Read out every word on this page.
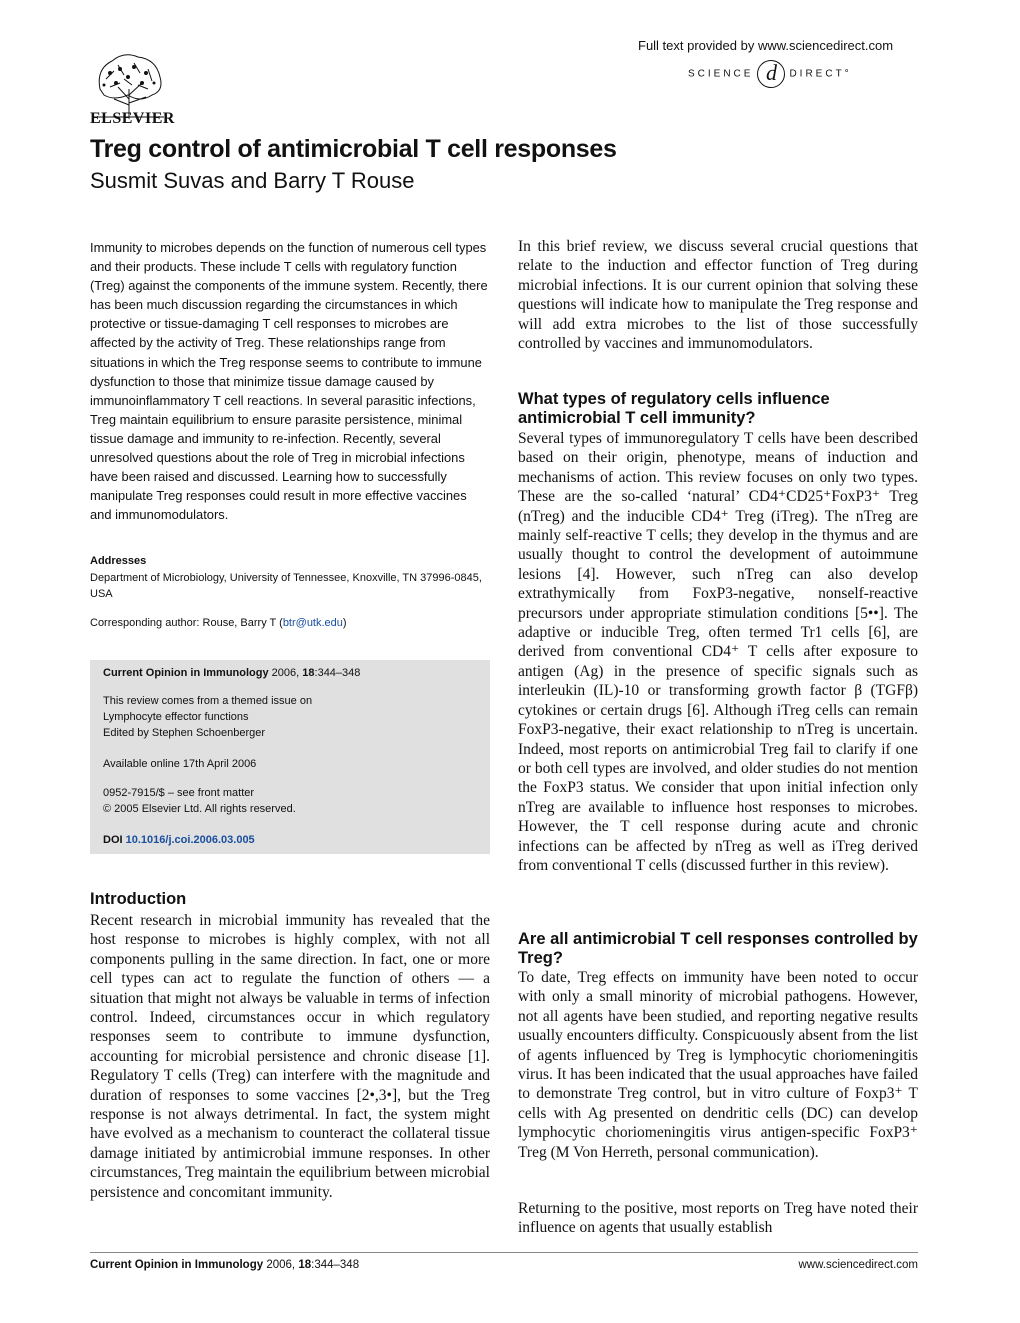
ELSEVIER
Full text provided by www.sciencedirect.com
SCIENCE d DIRECT°
Treg control of antimicrobial T cell responses
Susmit Suvas and Barry T Rouse
Immunity to microbes depends on the function of numerous cell types and their products. These include T cells with regulatory function (Treg) against the components of the immune system. Recently, there has been much discussion regarding the circumstances in which protective or tissue-damaging T cell responses to microbes are affected by the activity of Treg. These relationships range from situations in which the Treg response seems to contribute to immune dysfunction to those that minimize tissue damage caused by immunoinflammatory T cell reactions. In several parasitic infections, Treg maintain equilibrium to ensure parasite persistence, minimal tissue damage and immunity to re-infection. Recently, several unresolved questions about the role of Treg in microbial infections have been raised and discussed. Learning how to successfully manipulate Treg responses could result in more effective vaccines and immunomodulators.
Addresses
Department of Microbiology, University of Tennessee, Knoxville, TN 37996-0845, USA
Corresponding author: Rouse, Barry T (btr@utk.edu)
Current Opinion in Immunology 2006, 18:344–348
This review comes from a themed issue on
Lymphocyte effector functions
Edited by Stephen Schoenberger
Available online 17th April 2006
0952-7915/$ – see front matter
© 2005 Elsevier Ltd. All rights reserved.
DOI 10.1016/j.coi.2006.03.005
Introduction
Recent research in microbial immunity has revealed that the host response to microbes is highly complex, with not all components pulling in the same direction. In fact, one or more cell types can act to regulate the function of others — a situation that might not always be valuable in terms of infection control. Indeed, circumstances occur in which regulatory responses seem to contribute to immune dysfunction, accounting for microbial persistence and chronic disease [1]. Regulatory T cells (Treg) can interfere with the magnitude and duration of responses to some vaccines [2•,3•], but the Treg response is not always detrimental. In fact, the system might have evolved as a mechanism to counteract the collateral tissue damage initiated by antimicrobial immune responses. In other circumstances, Treg maintain the equilibrium between microbial persistence and concomitant immunity.
In this brief review, we discuss several crucial questions that relate to the induction and effector function of Treg during microbial infections. It is our current opinion that solving these questions will indicate how to manipulate the Treg response and will add extra microbes to the list of those successfully controlled by vaccines and immunomodulators.
What types of regulatory cells influence antimicrobial T cell immunity?
Several types of immunoregulatory T cells have been described based on their origin, phenotype, means of induction and mechanisms of action. This review focuses on only two types. These are the so-called ‘natural’ CD4⁺CD25⁺FoxP3⁺ Treg (nTreg) and the inducible CD4⁺ Treg (iTreg). The nTreg are mainly self-reactive T cells; they develop in the thymus and are usually thought to control the development of autoimmune lesions [4]. However, such nTreg can also develop extrathymically from FoxP3-negative, nonself-reactive precursors under appropriate stimulation conditions [5••]. The adaptive or inducible Treg, often termed Tr1 cells [6], are derived from conventional CD4⁺ T cells after exposure to antigen (Ag) in the presence of specific signals such as interleukin (IL)-10 or transforming growth factor β (TGFβ) cytokines or certain drugs [6]. Although iTreg cells can remain FoxP3-negative, their exact relationship to nTreg is uncertain. Indeed, most reports on antimicrobial Treg fail to clarify if one or both cell types are involved, and older studies do not mention the FoxP3 status. We consider that upon initial infection only nTreg are available to influence host responses to microbes. However, the T cell response during acute and chronic infections can be affected by nTreg as well as iTreg derived from conventional T cells (discussed further in this review).
Are all antimicrobial T cell responses controlled by Treg?
To date, Treg effects on immunity have been noted to occur with only a small minority of microbial pathogens. However, not all agents have been studied, and reporting negative results usually encounters difficulty. Conspicuously absent from the list of agents influenced by Treg is lymphocytic choriomeningitis virus. It has been indicated that the usual approaches have failed to demonstrate Treg control, but in vitro culture of Foxp3⁺ T cells with Ag presented on dendritic cells (DC) can develop lymphocytic choriomeningitis virus antigen-specific FoxP3⁺ Treg (M Von Herreth, personal communication).
Returning to the positive, most reports on Treg have noted their influence on agents that usually establish
Current Opinion in Immunology 2006, 18:344–348	www.sciencedirect.com
